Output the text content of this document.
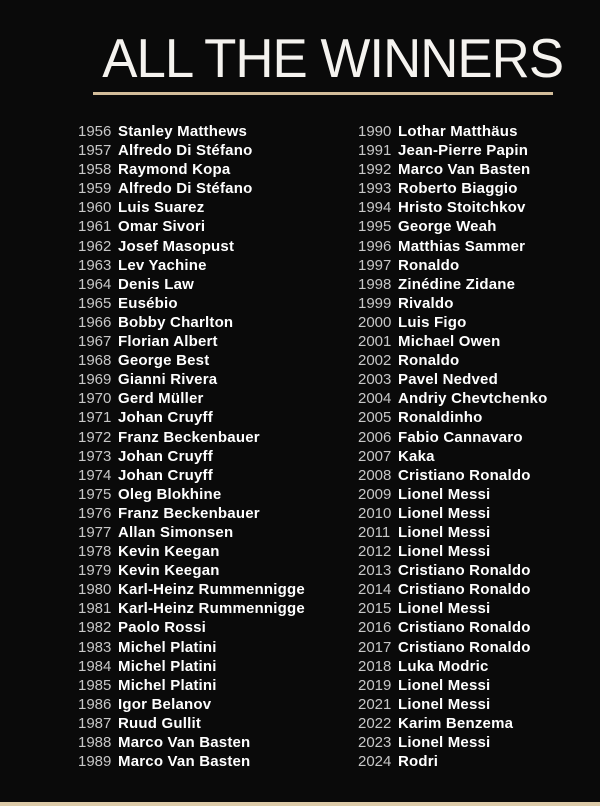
ALL THE WINNERS
1956 Stanley Matthews
1957 Alfredo Di Stéfano
1958 Raymond Kopa
1959 Alfredo Di Stéfano
1960 Luis Suarez
1961 Omar Sivori
1962 Josef Masopust
1963 Lev Yachine
1964 Denis Law
1965 Eusébio
1966 Bobby Charlton
1967 Florian Albert
1968 George Best
1969 Gianni Rivera
1970 Gerd Müller
1971 Johan Cruyff
1972 Franz Beckenbauer
1973 Johan Cruyff
1974 Johan Cruyff
1975 Oleg Blokhine
1976 Franz Beckenbauer
1977 Allan Simonsen
1978 Kevin Keegan
1979 Kevin Keegan
1980 Karl-Heinz Rummennigge
1981 Karl-Heinz Rummennigge
1982 Paolo Rossi
1983 Michel Platini
1984 Michel Platini
1985 Michel Platini
1986 Igor Belanov
1987 Ruud Gullit
1988 Marco Van Basten
1989 Marco Van Basten
1990 Lothar Matthäus
1991 Jean-Pierre Papin
1992 Marco Van Basten
1993 Roberto Biaggio
1994 Hristo Stoitchkov
1995 George Weah
1996 Matthias Sammer
1997 Ronaldo
1998 Zinédine Zidane
1999 Rivaldo
2000 Luis Figo
2001 Michael Owen
2002 Ronaldo
2003 Pavel Nedved
2004 Andriy Chevtchenko
2005 Ronaldinho
2006 Fabio Cannavaro
2007 Kaka
2008 Cristiano Ronaldo
2009 Lionel Messi
2010 Lionel Messi
2011 Lionel Messi
2012 Lionel Messi
2013 Cristiano Ronaldo
2014 Cristiano Ronaldo
2015 Lionel Messi
2016 Cristiano Ronaldo
2017 Cristiano Ronaldo
2018 Luka Modric
2019 Lionel Messi
2021 Lionel Messi
2022 Karim Benzema
2023 Lionel Messi
2024 Rodri
